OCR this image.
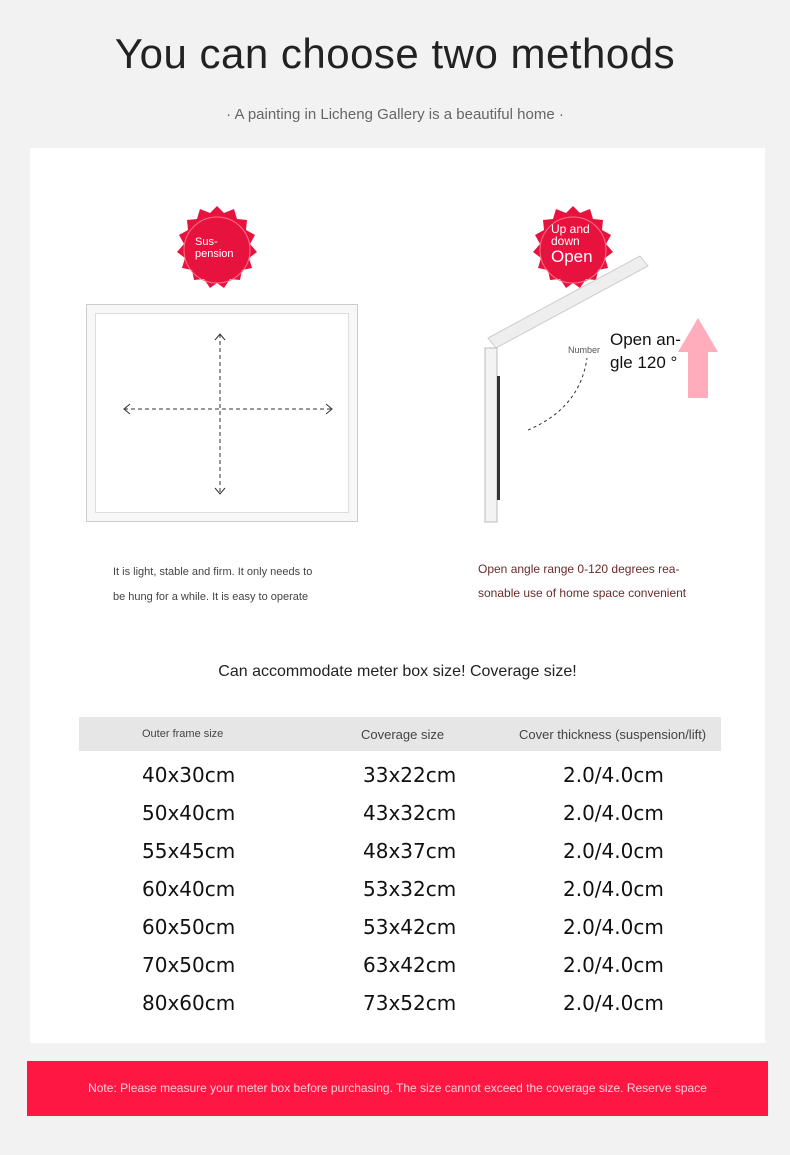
You can choose two methods
· A painting in Licheng Gallery is a beautiful home ·
Sus-
pension
It is light, stable and firm. It only needs to
be hung for a while. It is easy to operate
Up and
down
Open
Number
Open an-
gle 120 °
Open angle range 0-120 degrees rea-
sonable use of home space convenient
Can accommodate meter box size! Coverage size!
Outer frame size	Coverage size	Cover thickness (suspension/lift)
40x30cm	33x22cm	2.0/4.0cm
50x40cm	43x32cm	2.0/4.0cm
55x45cm	48x37cm	2.0/4.0cm
60x40cm	53x32cm	2.0/4.0cm
60x50cm	53x42cm	2.0/4.0cm
70x50cm	63x42cm	2.0/4.0cm
80x60cm	73x52cm	2.0/4.0cm
Note: Please measure your meter box before purchasing. The size cannot exceed the coverage size. Reserve space
